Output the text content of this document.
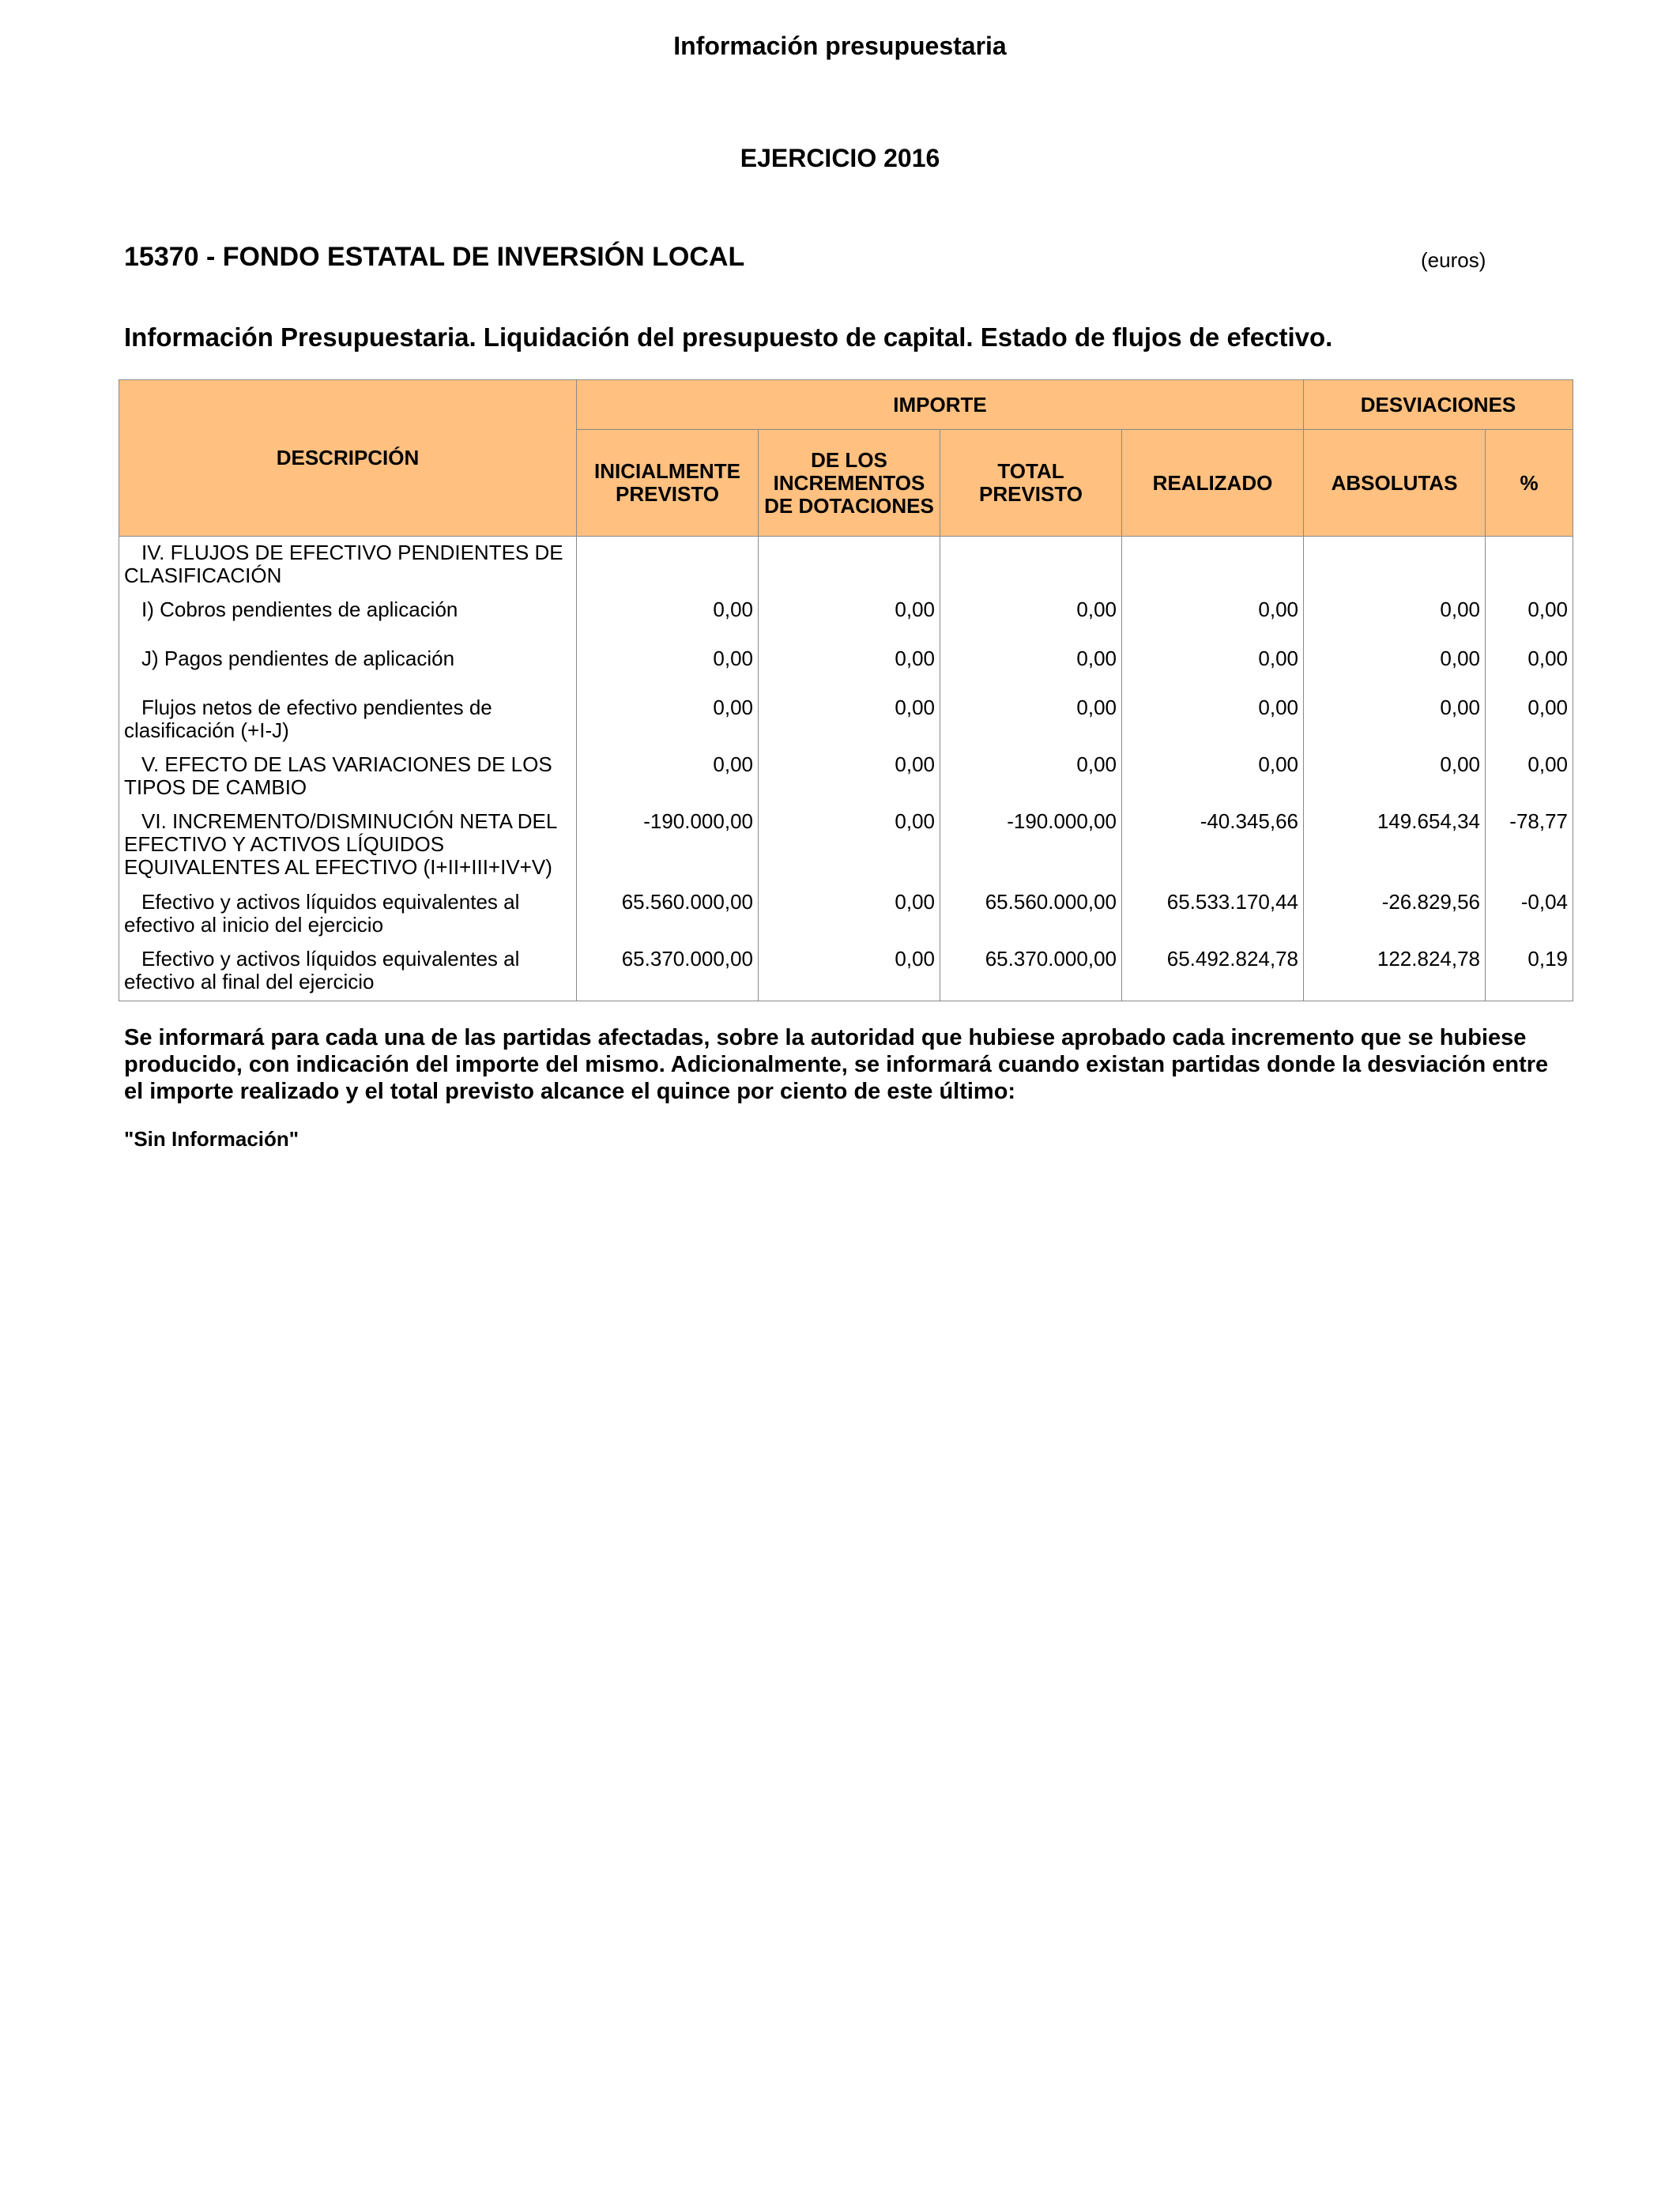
Información presupuestaria
EJERCICIO 2016
15370 - FONDO ESTATAL DE INVERSIÓN LOCAL	(euros)
Información Presupuestaria. Liquidación del presupuesto de capital. Estado de flujos de efectivo.
DESCRIPCIÓN	IMPORTE				DESVIACIONES	
	INICIALMENTE PREVISTO	DE LOS INCREMENTOS DE DOTACIONES	TOTAL PREVISTO	REALIZADO	ABSOLUTAS	%

IV. FLUJOS DE EFECTIVO PENDIENTES DE CLASIFICACIÓN						

I) Cobros pendientes de aplicación	0,00	0,00	0,00	0,00	0,00	0,00

J) Pagos pendientes de aplicación	0,00	0,00	0,00	0,00	0,00	0,00

Flujos netos de efectivo pendientes de clasificación (+I-J)	0,00	0,00	0,00	0,00	0,00	0,00

V. EFECTO DE LAS VARIACIONES DE LOS TIPOS DE CAMBIO	0,00	0,00	0,00	0,00	0,00	0,00

VI. INCREMENTO/DISMINUCIÓN NETA DEL EFECTIVO Y ACTIVOS LÍQUIDOS EQUIVALENTES AL EFECTIVO (I+II+III+IV+V)	-190.000,00	0,00	-190.000,00	-40.345,66	149.654,34	-78,77

Efectivo y activos líquidos equivalentes al efectivo al inicio del ejercicio	65.560.000,00	0,00	65.560.000,00	65.533.170,44	-26.829,56	-0,04

Efectivo y activos líquidos equivalentes al efectivo al final del ejercicio	65.370.000,00	0,00	65.370.000,00	65.492.824,78	122.824,78	0,19
Se informará para cada una de las partidas afectadas, sobre la autoridad que hubiese aprobado cada incremento que se hubiese producido, con indicación del importe del mismo. Adicionalmente, se informará cuando existan partidas donde la desviación entre el importe realizado y el total previsto alcance el quince por ciento de este último:
"Sin Información"
